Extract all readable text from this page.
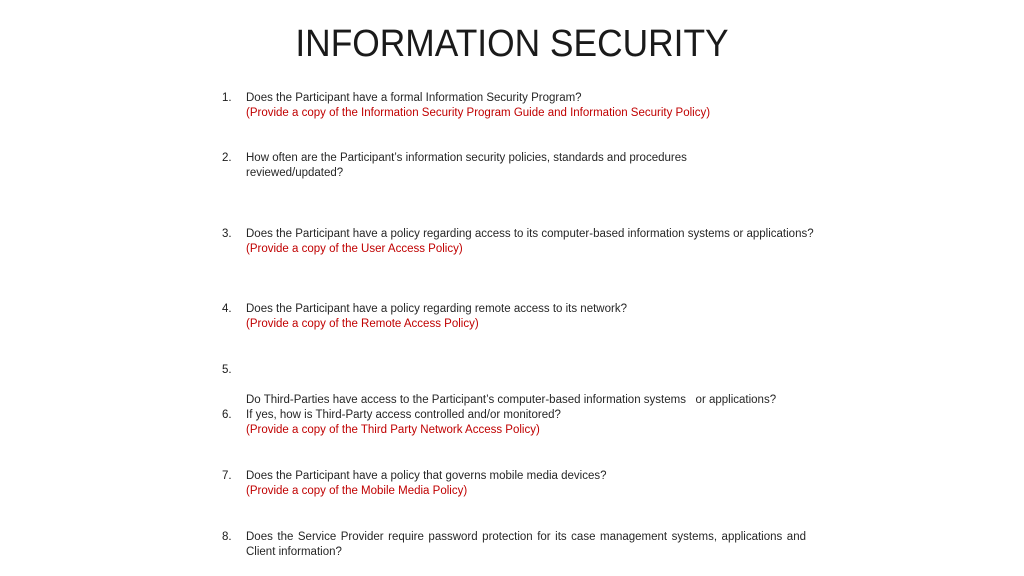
INFORMATION SECURITY
1.	Does the Participant have a formal Information Security Program?
(Provide a copy of the Information Security Program Guide and Information Security Policy)
2.	How often are the Participant’s information security policies, standards and procedures reviewed/updated?
3.	Does the Participant have a policy regarding access to its computer-based information systems or applications?
(Provide a copy of the User Access Policy)
4.	Does the Participant have a policy regarding remote access to its network?
(Provide a copy of the Remote Access Policy)
5.

Do Third-Parties have access to the Participant’s computer-based information systems   or applications?

6.	If yes, how is Third-Party access controlled and/or monitored?
(Provide a copy of the Third Party Network Access Policy)
7.	Does the Participant have a policy that governs mobile media devices?
(Provide a copy of the Mobile Media Policy)
8.	Does the Service Provider require password protection for its case management systems, applications and Client information?
